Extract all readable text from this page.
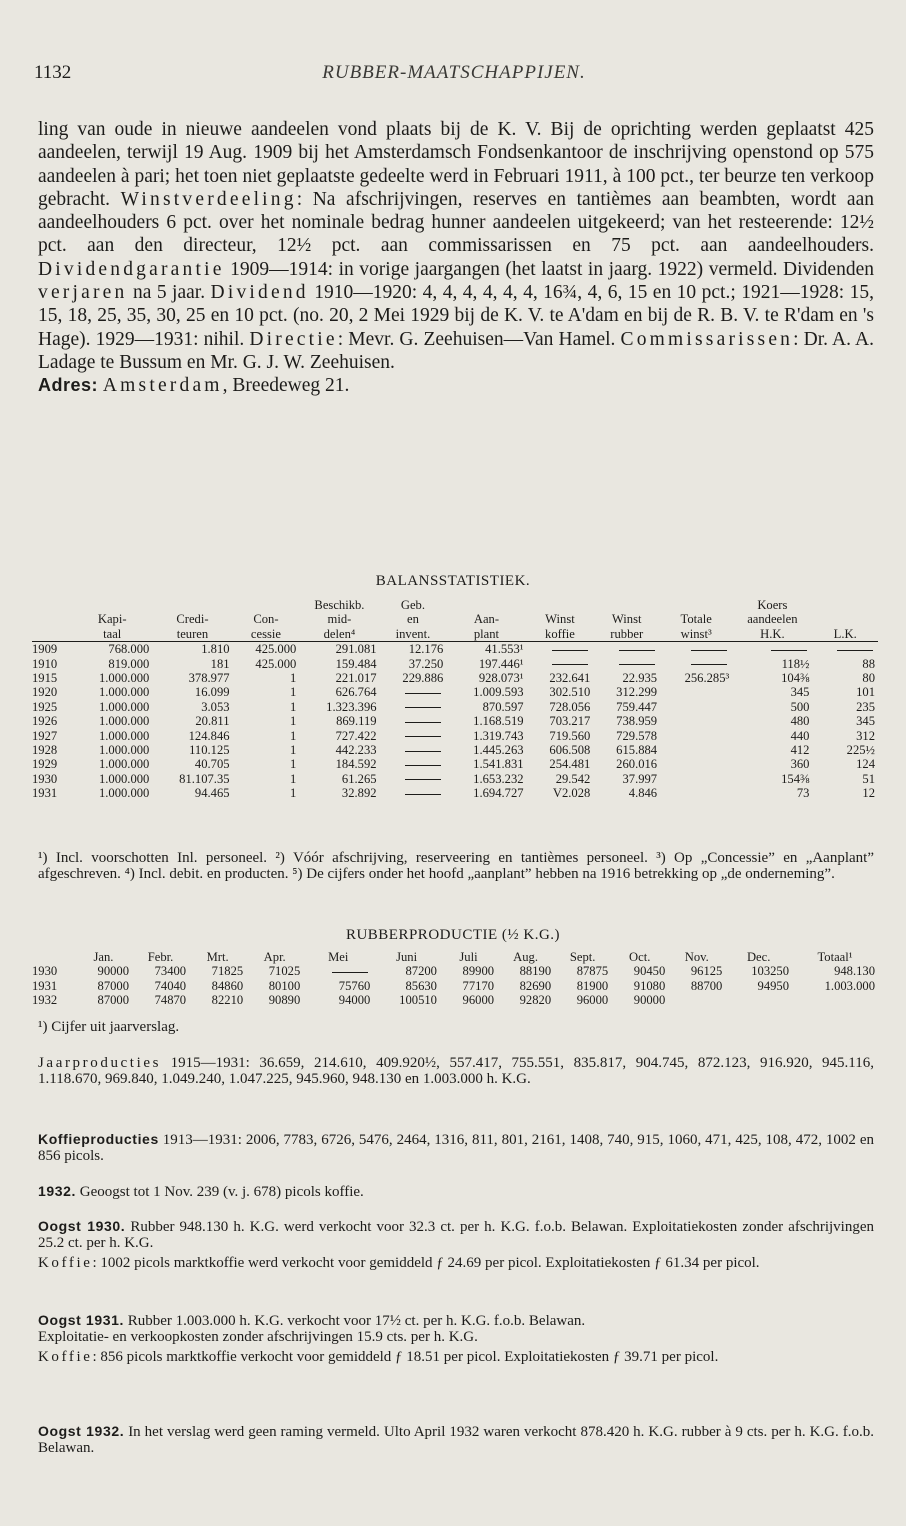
1132	RUBBER-MAATSCHAPPIJEN.

ling van oude in nieuwe aandeelen vond plaats bij de K. V. Bij de oprichting werden geplaatst 425 aandeelen, terwijl 19 Aug. 1909 bij het Amsterdamsch Fondsenkantoor de inschrijving openstond op 575 aandeelen à pari; het toen niet geplaatste gedeelte werd in Februari 1911, à 100 pct., ter beurze ten verkoop gebracht. Winstverdeeling: Na afschrijvingen, reserves en tantièmes aan beambten, wordt aan aandeelhouders 6 pct. over het nominale bedrag hunner aandeelen uitgekeerd; van het resteerende: 12½ pct. aan den directeur, 12½ pct. aan commissarissen en 75 pct. aan aandeelhouders. Dividendgarantie 1909—1914: in vorige jaargangen (het laatst in jaarg. 1922) vermeld. Dividenden verjaren na 5 jaar. Dividend 1910—1920: 4, 4, 4, 4, 4, 4, 16¾, 4, 6, 15 en 10 pct.; 1921—1928: 15, 15, 18, 25, 35, 30, 25 en 10 pct. (no. 20, 2 Mei 1929 bij de K. V. te A'dam en bij de R. B. V. te R'dam en 's Hage). 1929—1931: nihil. Directie: Mevr. G. Zeehuisen—Van Hamel. Commissarissen: Dr. A. A. Ladage te Bussum en Mr. G. J. W. Zeehuisen.

Adres: Amsterdam, Breedeweg 21.

BALANSSTATISTIEK.
				Beschikb.	Geb.					Koers	
	Kapi-	Credi-	Con-	mid-	en	Aan-	Winst	Winst	Totale	aandeelen	
	taal	teuren	cessie	delen⁴	invent.	plant	koffie	rubber	winst³	H.K.	L.K.
1909	768.000	1.810	425.000	291.081	12.176	41.553¹					
1910	819.000	181	425.000	159.484	37.250	197.446¹				118½	88
1915	1.000.000	378.977	1	221.017	229.886	928.073¹	232.641	22.935	256.285³	104⅜	80
1920	1.000.000	16.099	1	626.764		1.009.593	302.510	312.299		345	101
1925	1.000.000	3.053	1	1.323.396		870.597	728.056	759.447		500	235
1926	1.000.000	20.811	1	869.119		1.168.519	703.217	738.959		480	345
1927	1.000.000	124.846	1	727.422		1.319.743	719.560	729.578		440	312
1928	1.000.000	110.125	1	442.233		1.445.263	606.508	615.884		412	225½
1929	1.000.000	40.705	1	184.592		1.541.831	254.481	260.016		360	124
1930	1.000.000	81.107.35	1	61.265		1.653.232	29.542	37.997		154⅜	51
1931	1.000.000	94.465	1	32.892		1.694.727	V2.028	4.846		73	12

¹) Incl. voorschotten Inl. personeel. ²) Vóór afschrijving, reserveering en tantièmes personeel. ³) Op „Concessie” en „Aanplant” afgeschreven. ⁴) Incl. debit. en producten. ⁵) De cijfers onder het hoofd „aanplant” hebben na 1916 betrekking op „de onderneming”.

RUBBERPRODUCTIE (½ K.G.)
	Jan.	Febr.	Mrt.	Apr.	Mei	Juni	Juli	Aug.	Sept.	Oct.	Nov.	Dec.	Totaal¹
1930	90000	73400	71825	71025		87200	89900	88190	87875	90450	96125	103250	948.130
1931	87000	74040	84860	80100	75760	85630	77170	82690	81900	91080	88700	94950	1.003.000
1932	87000	74870	82210	90890	94000	100510	96000	92820	96000	90000			
¹) Cijfer uit jaarverslag.

Jaarproducties 1915—1931: 36.659, 214.610, 409.920½, 557.417, 755.551, 835.817, 904.745, 872.123, 916.920, 945.116, 1.118.670, 969.840, 1.049.240, 1.047.225, 945.960, 948.130 en 1.003.000 h. K.G.

Koffieproducties 1913—1931: 2006, 7783, 6726, 5476, 2464, 1316, 811, 801, 2161, 1408, 740, 915, 1060, 471, 425, 108, 472, 1002 en 856 picols.

1932. Geoogst tot 1 Nov. 239 (v. j. 678) picols koffie.

Oogst 1930. Rubber 948.130 h. K.G. werd verkocht voor 32.3 ct. per h. K.G. f.o.b. Belawan. Exploitatiekosten zonder afschrijvingen 25.2 ct. per h. K.G.

Koffie: 1002 picols marktkoffie werd verkocht voor gemiddeld ƒ 24.69 per picol. Exploitatiekosten ƒ 61.34 per picol.

Oogst 1931. Rubber 1.003.000 h. K.G. verkocht voor 17½ ct. per h. K.G. f.o.b. Belawan.

Exploitatie- en verkoopkosten zonder afschrijvingen 15.9 cts. per h. K.G.

Koffie: 856 picols marktkoffie verkocht voor gemiddeld ƒ 18.51 per picol. Exploitatiekosten ƒ 39.71 per picol.

Oogst 1932. In het verslag werd geen raming vermeld. Ulto April 1932 waren verkocht 878.420 h. K.G. rubber à 9 cts. per h. K.G. f.o.b. Belawan.
